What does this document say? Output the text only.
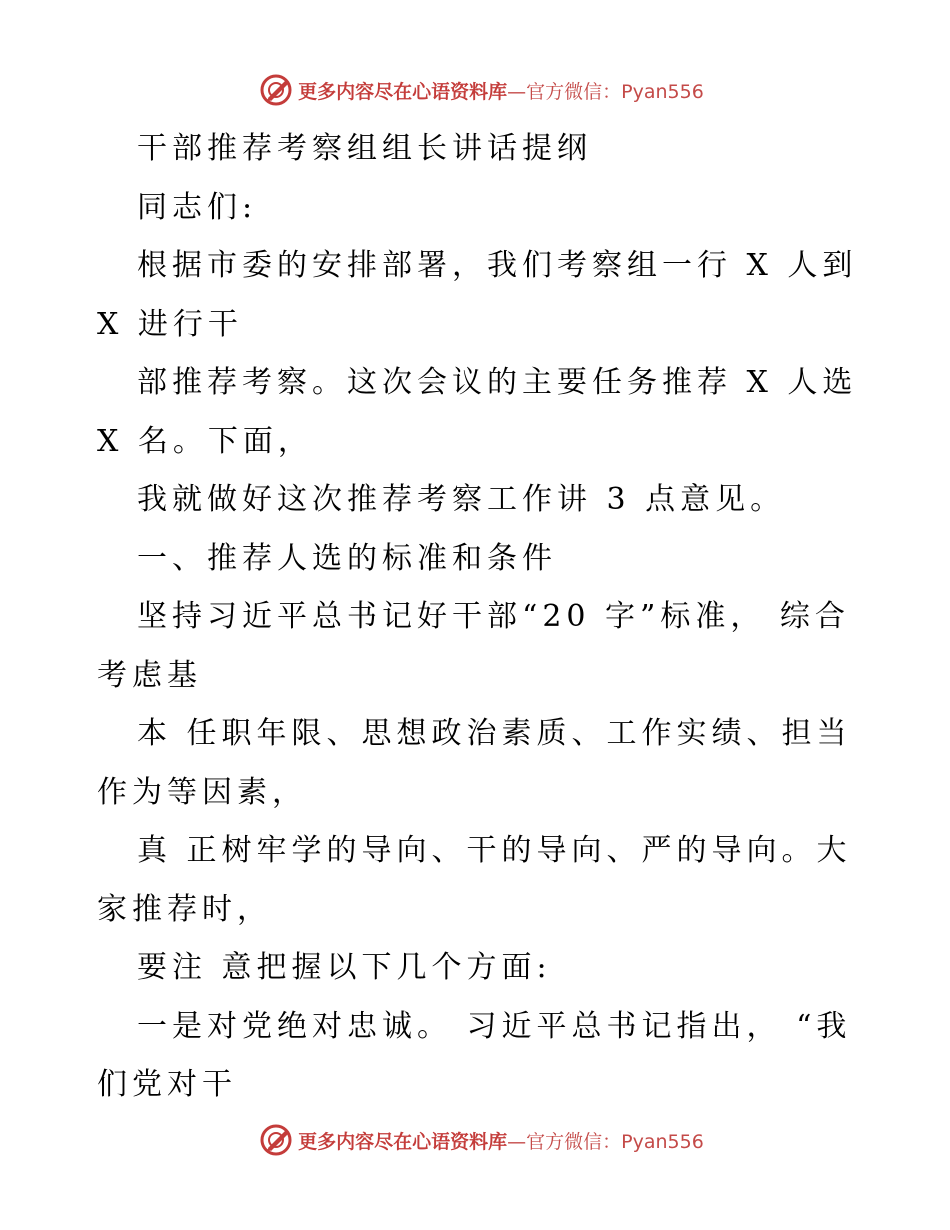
更多内容尽在心语资料库—官方微信：Pyan556

干部推荐考察组组长讲话提纲

同志们:

根据市委的安排部署，我们考察组一行 X 人到

X 进行干

部推荐考察。这次会议的主要任务推荐 X 人选

X 名。下面，

我就做好这次推荐考察工作讲 3 点意见。

一、推荐人选的标准和条件

坚持习近平总书记好干部“20 字”标准， 综合

考虑基

本 任职年限、思想政治素质、工作实绩、担当

作为等因素，

真 正树牢学的导向、干的导向、严的导向。大

家推荐时，

要注 意把握以下几个方面:

一是对党绝对忠诚。 习近平总书记指出， “我

们党对干

更多内容尽在心语资料库—官方微信：Pyan556
